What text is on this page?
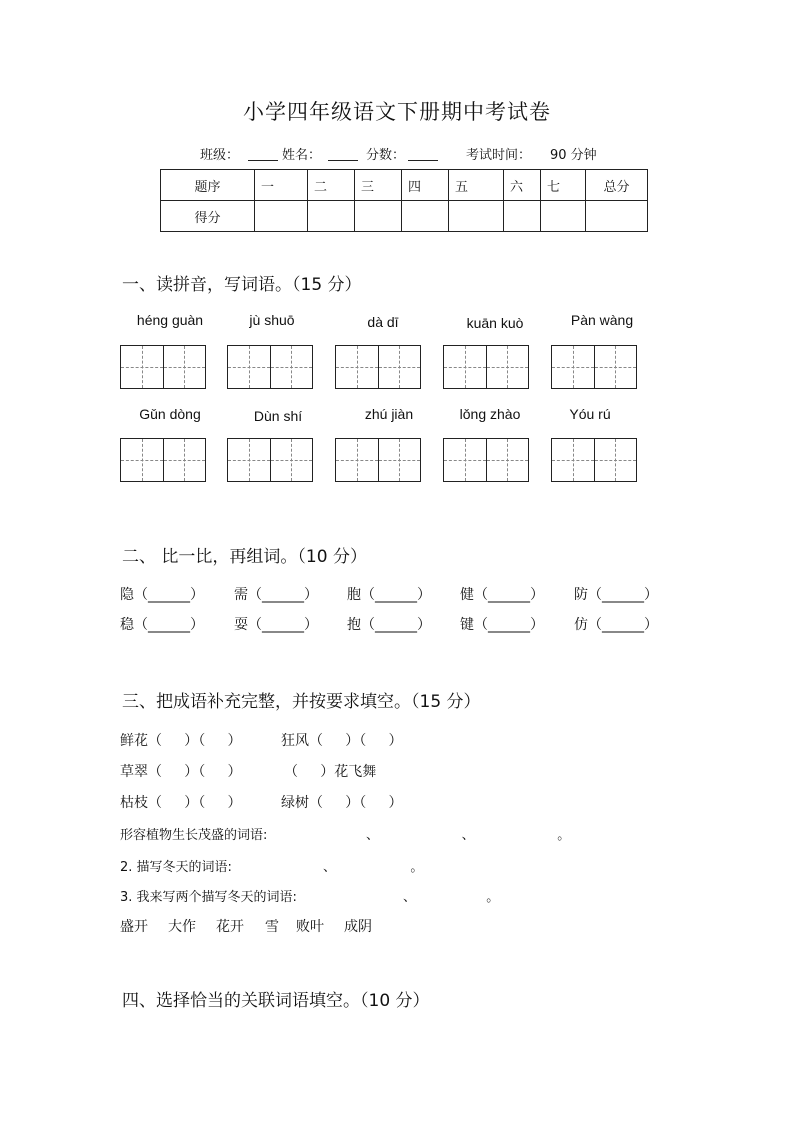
小学四年级语文下册期中考试卷
班级：	姓名：	分数：	考试时间： 90 分钟
题序	一	二	三	四	五	六	七	总分
得分								
一、读拼音，写词语。（15 分）
héng guàn	jù shuō	dà dī	kuān kuò	Pàn wàng
Gǔn dòng	Dùn shí	zhú jiàn	lǒng zhào	Yóu rú
二、 比一比，再组词。（10 分）
隐（______） 需（______） 胞（______） 健（______） 防（______）
稳（______） 耍（______） 抱（______） 键（______） 仿（______）
三、把成语补充完整，并按要求填空。（15 分）
鲜花（     ）（     ）	狂风（     ）（     ）
草翠（     ）（     ）	（     ）花飞舞
枯枝（     ）（     ）	绿树（     ）（     ）
形容植物生长茂盛的词语:	、                    、                    。
2. 描写冬天的词语:	、                  。
3. 我来写两个描写冬天的词语:	、                 。
盛开 大作 花开 雪 败叶 成阴
四、选择恰当的关联词语填空。（10 分）
